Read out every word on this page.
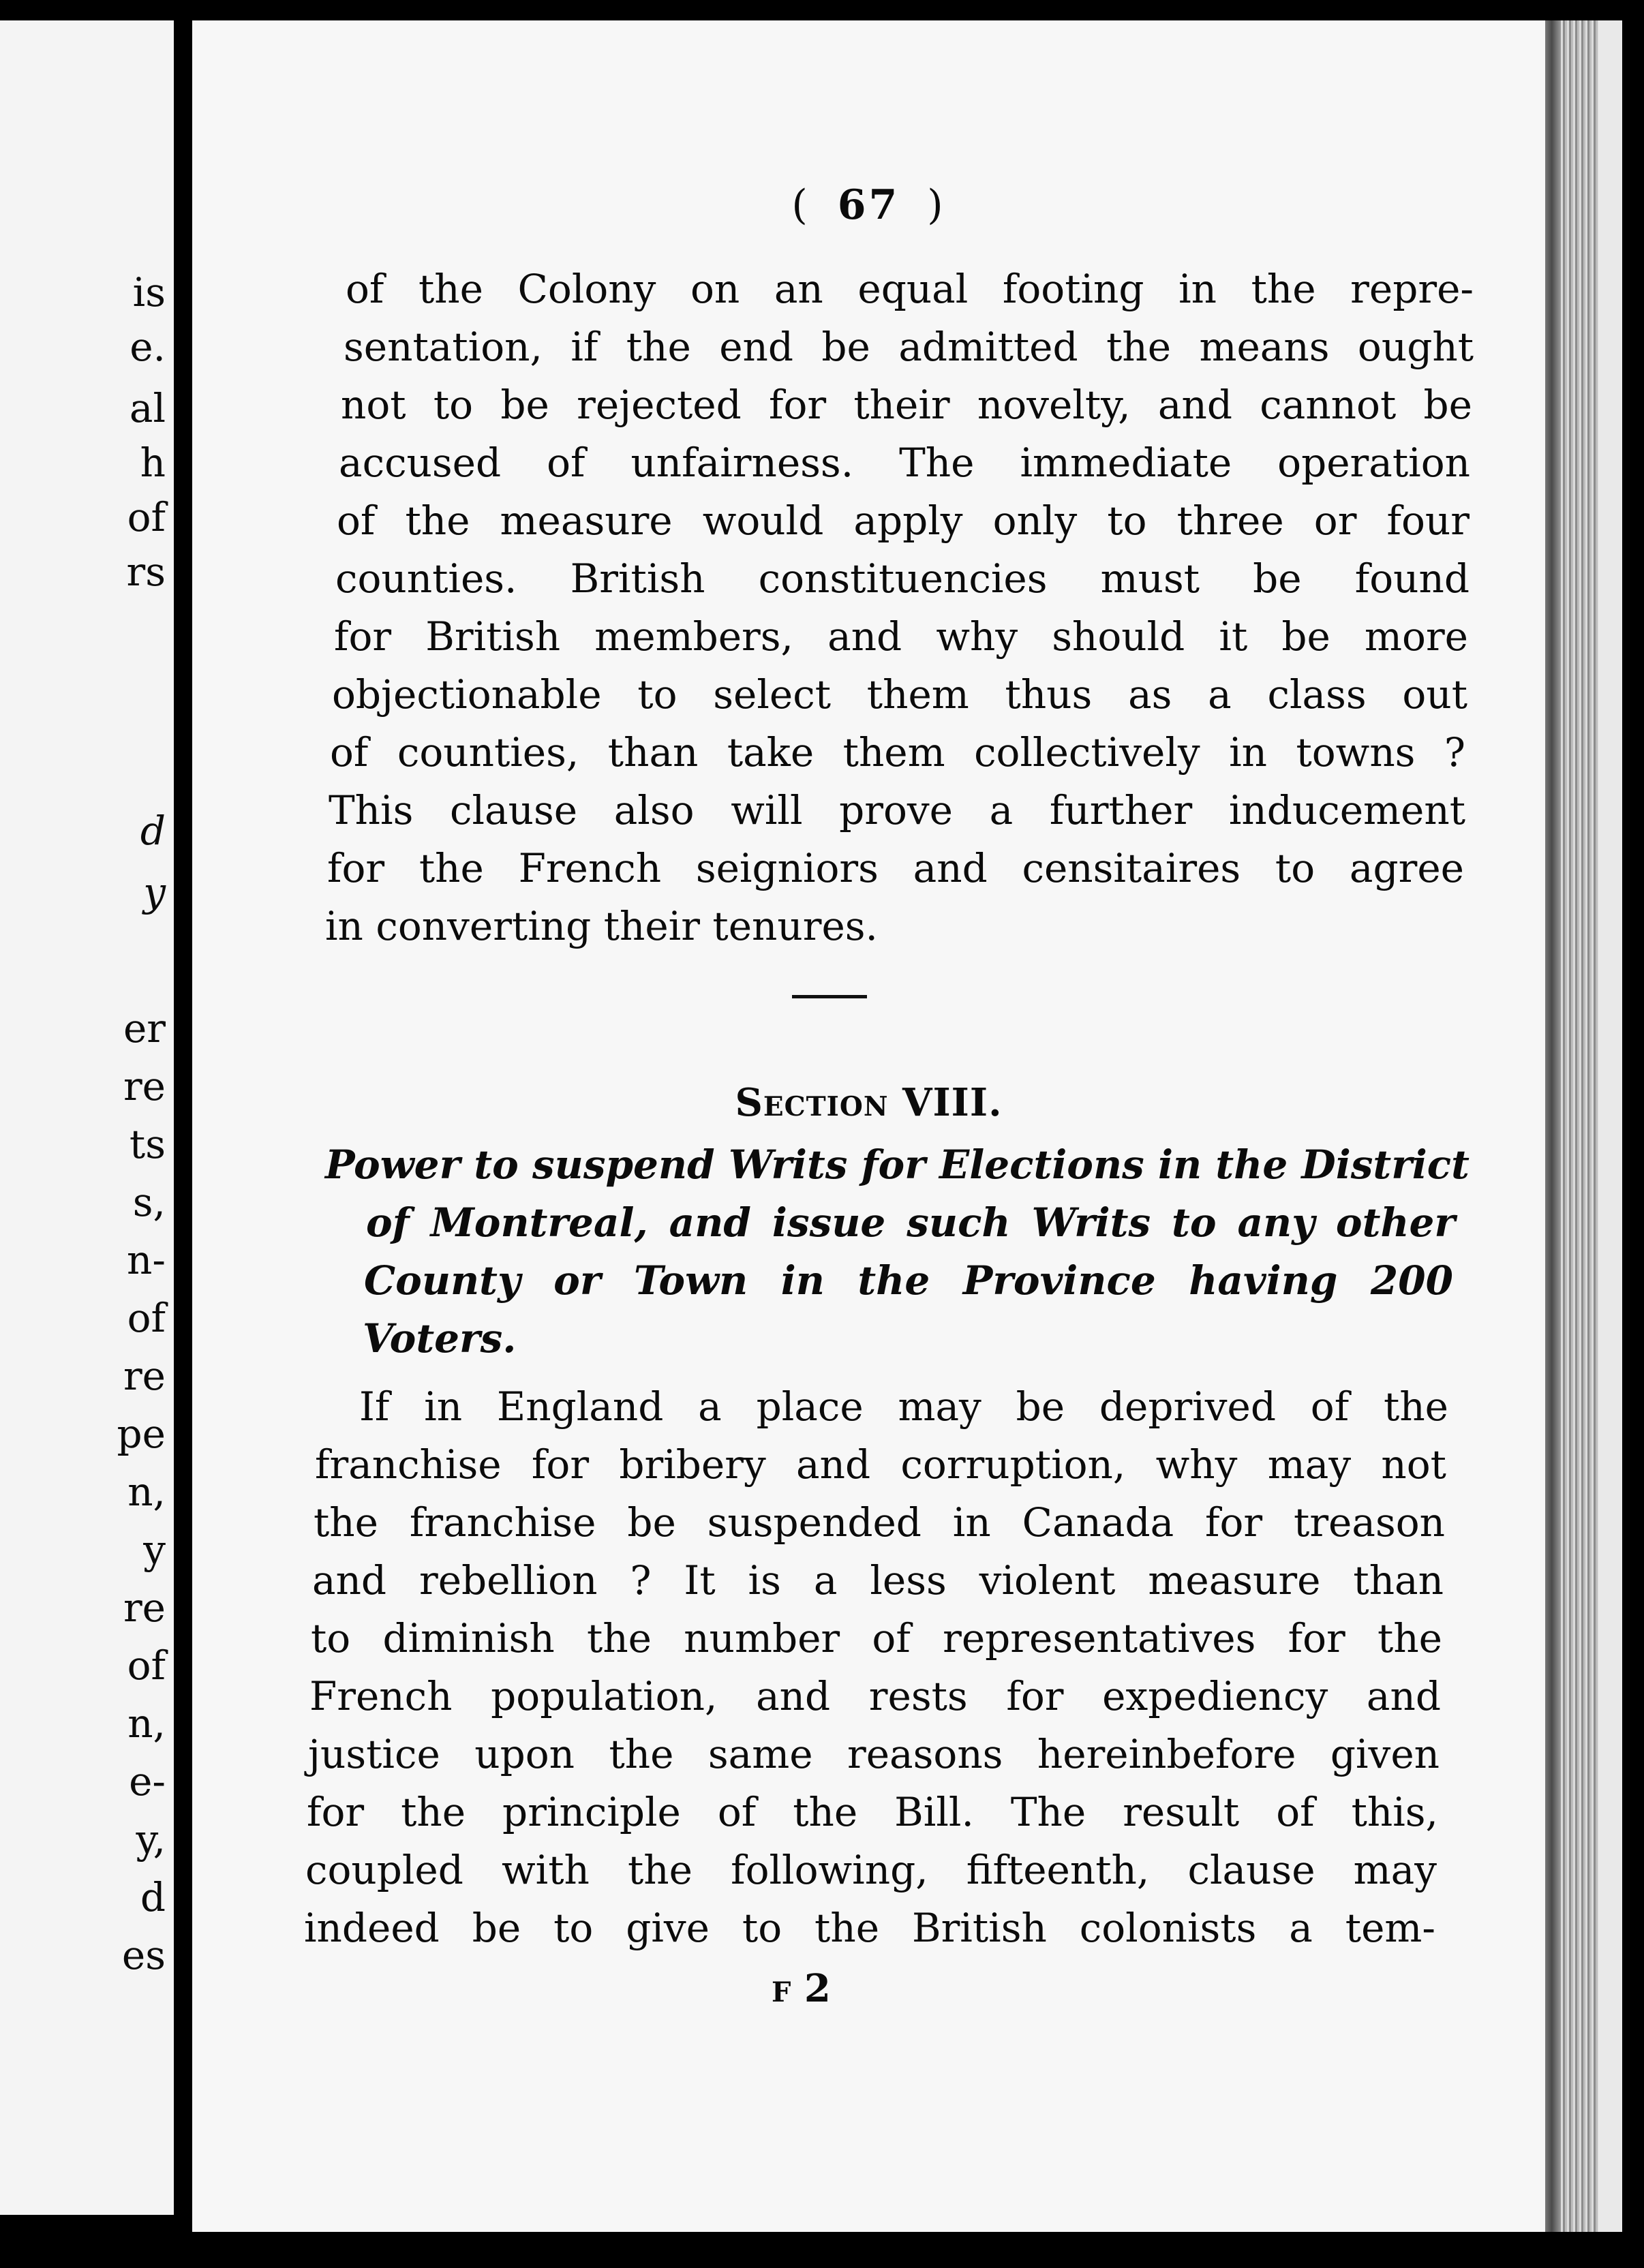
is
e.
al
h
of
rs
d
y
er
re
ts
s,
n-
of
re
pe
n,
y
re
of
n,
e-
y,
d
es
( 67 )
of the Colony on an equal footing in the repre-
sentation, if the end be admitted the means ought
not to be rejected for their novelty, and cannot be
accused of unfairness. The immediate operation
of the measure would apply only to three or four
counties. British constituencies must be found
for British members, and why should it be more
objectionable to select them thus as a class out
of counties, than take them collectively in towns ?
This clause also will prove a further inducement
for the French seigniors and censitaires to agree
in converting their tenures.
Section VIII.
Power to suspend Writs for Elections in the District
of Montreal, and issue such Writs to any other
County or Town in the Province having 200
Voters.
If in England a place may be deprived of the
franchise for bribery and corruption, why may not
the franchise be suspended in Canada for treason
and rebellion ? It is a less violent measure than
to diminish the number of representatives for the
French population, and rests for expediency and
justice upon the same reasons hereinbefore given
for the principle of the Bill. The result of this,
coupled with the following, fifteenth, clause may
indeed be to give to the British colonists a tem-
F 2
